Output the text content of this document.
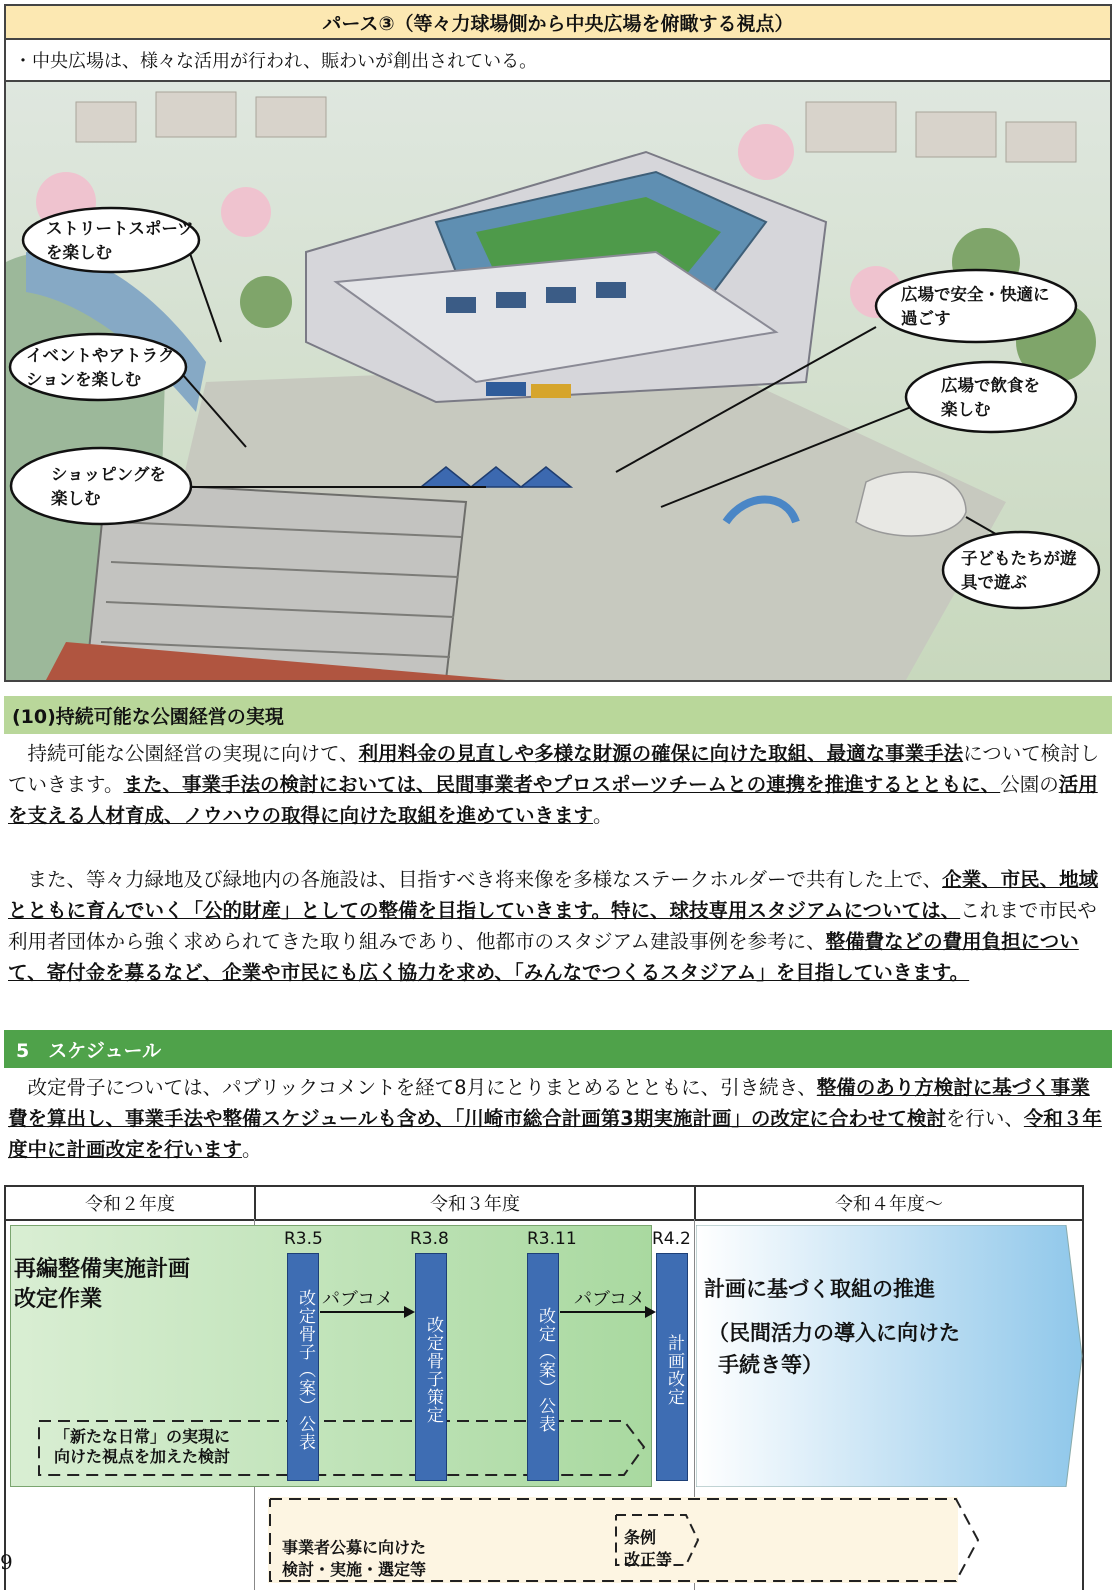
パース③（等々力球場側から中央広場を俯瞰する視点）
・中央広場は、様々な活用が行われ、賑わいが創出されている。
ストリートスポーツ
を楽しむ
イベントやアトラク
ションを楽しむ
ショッピングを
楽しむ
広場で安全・快適に
過ごす
広場で飲食を
楽しむ
子どもたちが遊
具で遊ぶ
(10)持続可能な公園経営の実現
　持続可能な公園経営の実現に向けて、利用料金の見直しや多様な財源の確保に向けた取組、最適な事業手法について検討していきます。また、事業手法の検討においては、民間事業者やプロスポーツチームとの連携を推進するとともに、公園の活用を支える人材育成、ノウハウの取得に向けた取組を進めていきます。
　また、等々力緑地及び緑地内の各施設は、目指すべき将来像を多様なステークホルダーで共有した上で、企業、市民、地域とともに育んでいく「公的財産」としての整備を目指していきます。特に、球技専用スタジアムについては、これまで市民や利用者団体から強く求められてきた取り組みであり、他都市のスタジアム建設事例を参考に、整備費などの費用負担について、寄付金を募るなど、企業や市民にも広く協力を求め、「みんなでつくるスタジアム」を目指していきます。
5　スケジュール
　改定骨子については、パブリックコメントを経て8月にとりまとめるとともに、引き続き、整備のあり方検討に基づく事業費を算出し、事業手法や整備スケジュールも含め、「川崎市総合計画第3期実施計画」の改定に合わせて検討を行い、令和３年度中に計画改定を行います。
令和２年度	令和３年度	令和４年度～
再編整備実施計画
改定作業	計画に基づく取組の推進
（民間活力の導入に向けた
手続き等）
「新たな日常」の実現に
向けた視点を加えた検討
R3.5	R3.8	R3.11	R4.2
改定骨子（案）公表	改定骨子策定	改定（案）公表	計画改定
パブコメ	パブコメ
事業者公募に向けた
検討・実施・選定等
条例
改正等
9
